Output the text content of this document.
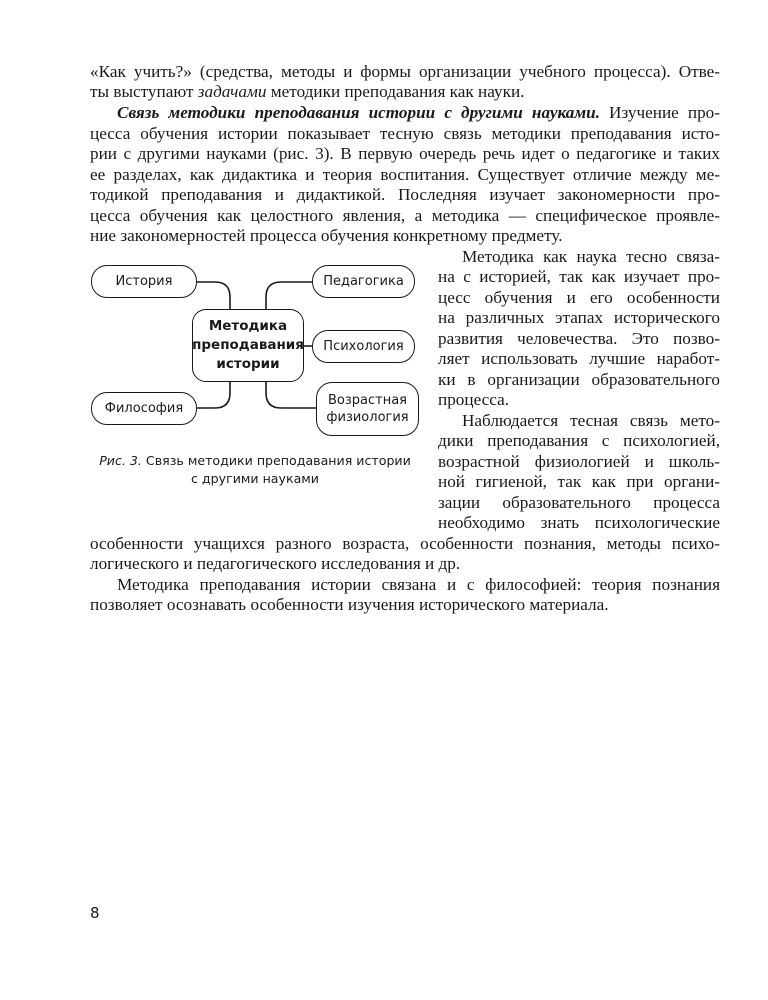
«Как учить?» (средства, методы и формы организации учебного процесса). Отве-
ты выступают задачами методики преподавания как науки.
Связь методики преподавания истории с другими науками. Изучение про-
цесса обучения истории показывает тесную связь методики преподавания исто-
рии с другими науками (рис. 3). В первую очередь речь идет о педагогике и таких
ее разделах, как дидактика и теория воспитания. Существует отличие между ме-
тодикой преподавания и дидактикой. Последняя изучает закономерности про-
цесса обучения как целостного явления, а методика — специфическое проявле-
ние закономерностей процесса обучения конкретному предмету.
Методика как наука тесно связа-
на с историей, так как изучает про-
цесс обучения и его особенности
на различных этапах исторического
развития человечества. Это позво-
ляет использовать лучшие наработ-
ки в организации образовательного
процесса.
Наблюдается тесная связь мето-
дики преподавания с психологией,
возрастной физиологией и школь-
ной гигиеной, так как при органи-
зации образовательного процесса
необходимо знать психологические
особенности учащихся разного возраста, особенности познания, методы психо-
логического и педагогического исследования и др.
Методика преподавания истории связана и с философией: теория познания
позволяет осознавать особенности изучения исторического материала.
История	Педагогика
Методика
преподавания
истории
Психология
Философия
Возрастная
физиология
Рис. 3. Связь методики преподавания истории
с другими науками
8
